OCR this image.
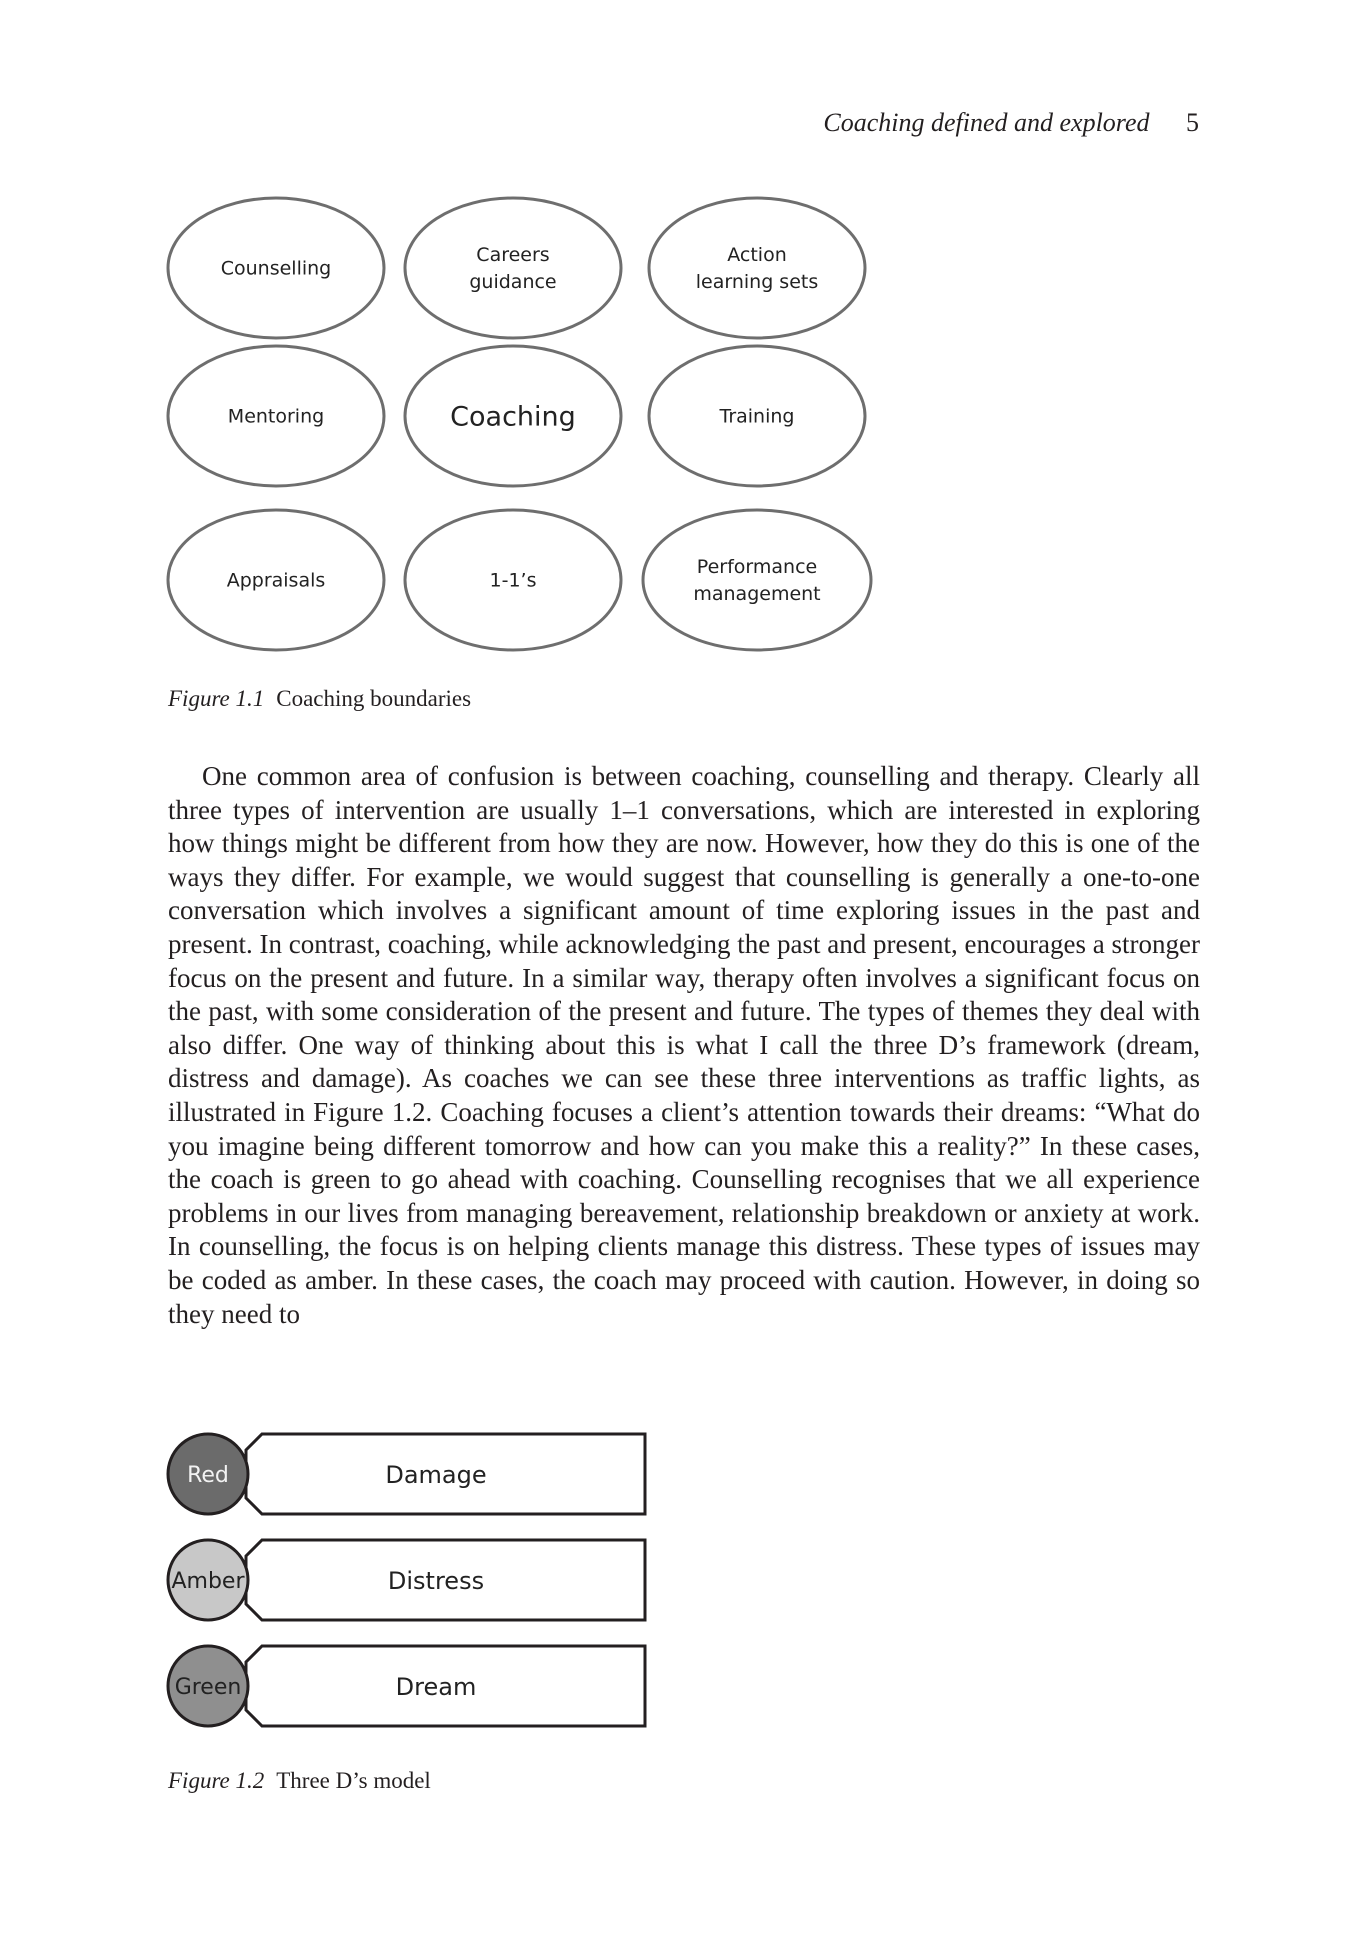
Coaching defined and explored 5
Counselling
Careers
guidance
Action
learning sets
Mentoring	Coaching	Training
Appraisals	1-1’s
Performance
management
Red	Damage
Amber	Distress
Green	Dream
Figure 1.1 Coaching boundaries

One common area of confusion is between coaching, counselling and therapy. Clearly all three types of intervention are usually 1–1 conversations, which are interested in exploring how things might be different from how they are now. However, how they do this is one of the ways they differ. For example, we would suggest that counselling is generally a one-to-one conversation which involves a significant amount of time exploring issues in the past and present. In contrast, coaching, while acknowledging the past and present, encourages a stronger focus on the present and future. In a similar way, therapy often involves a significant focus on the past, with some consideration of the present and future. The types of themes they deal with also differ. One way of thinking about this is what I call the three D’s framework (dream, distress and damage). As coaches we can see these three interventions as traffic lights, as illustrated in Figure 1.2. Coaching focuses a client’s attention towards their dreams: “What do you imagine being different tomorrow and how can you make this a reality?” In these cases, the coach is green to go ahead with coaching. Counselling recognises that we all experience problems in our lives from managing bereavement, relationship breakdown or anxiety at work. In counselling, the focus is on helping clients manage this distress. These types of issues may be coded as amber. In these cases, the coach may proceed with caution. However, in doing so they need to

Figure 1.2 Three D’s model
